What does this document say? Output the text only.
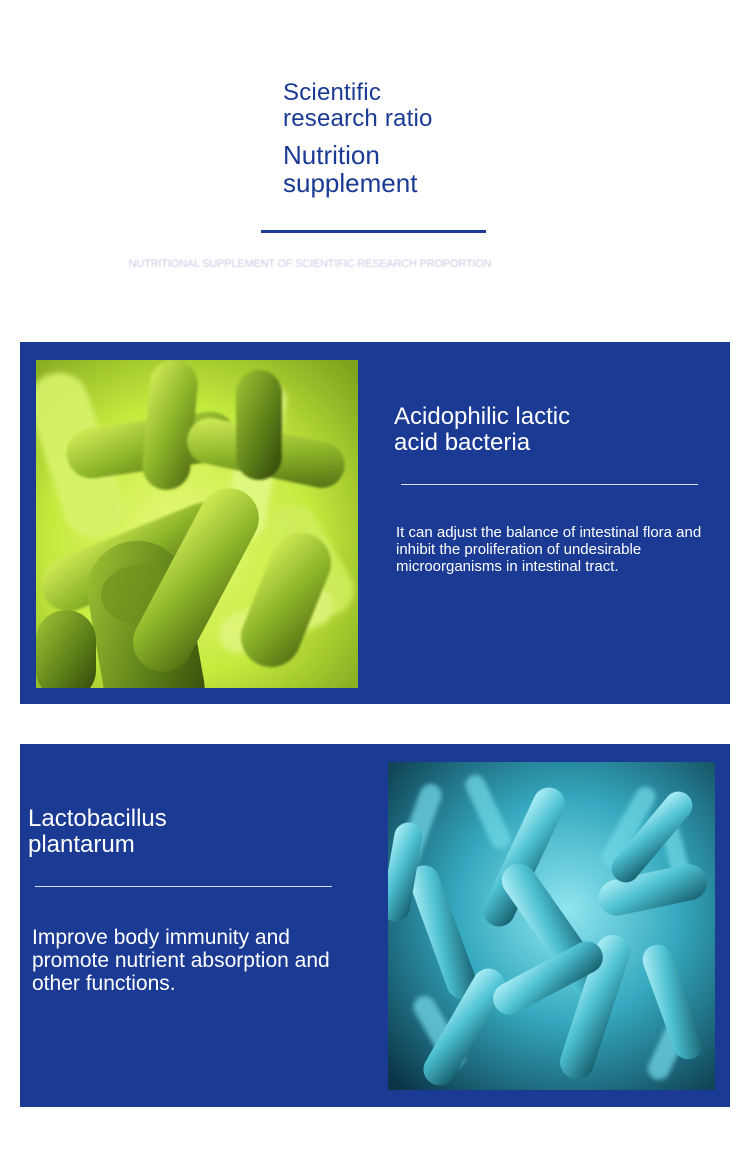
Scientific
research ratio
Nutrition
supplement
NUTRITIONAL SUPPLEMENT OF SCIENTIFIC RESEARCH PROPORTION
Acidophilic lactic
acid bacteria
It can adjust the balance of intestinal flora and inhibit the proliferation of undesirable microorganisms in intestinal tract.
Lactobacillus
plantarum
Improve body immunity and promote nutrient absorption and other functions.
